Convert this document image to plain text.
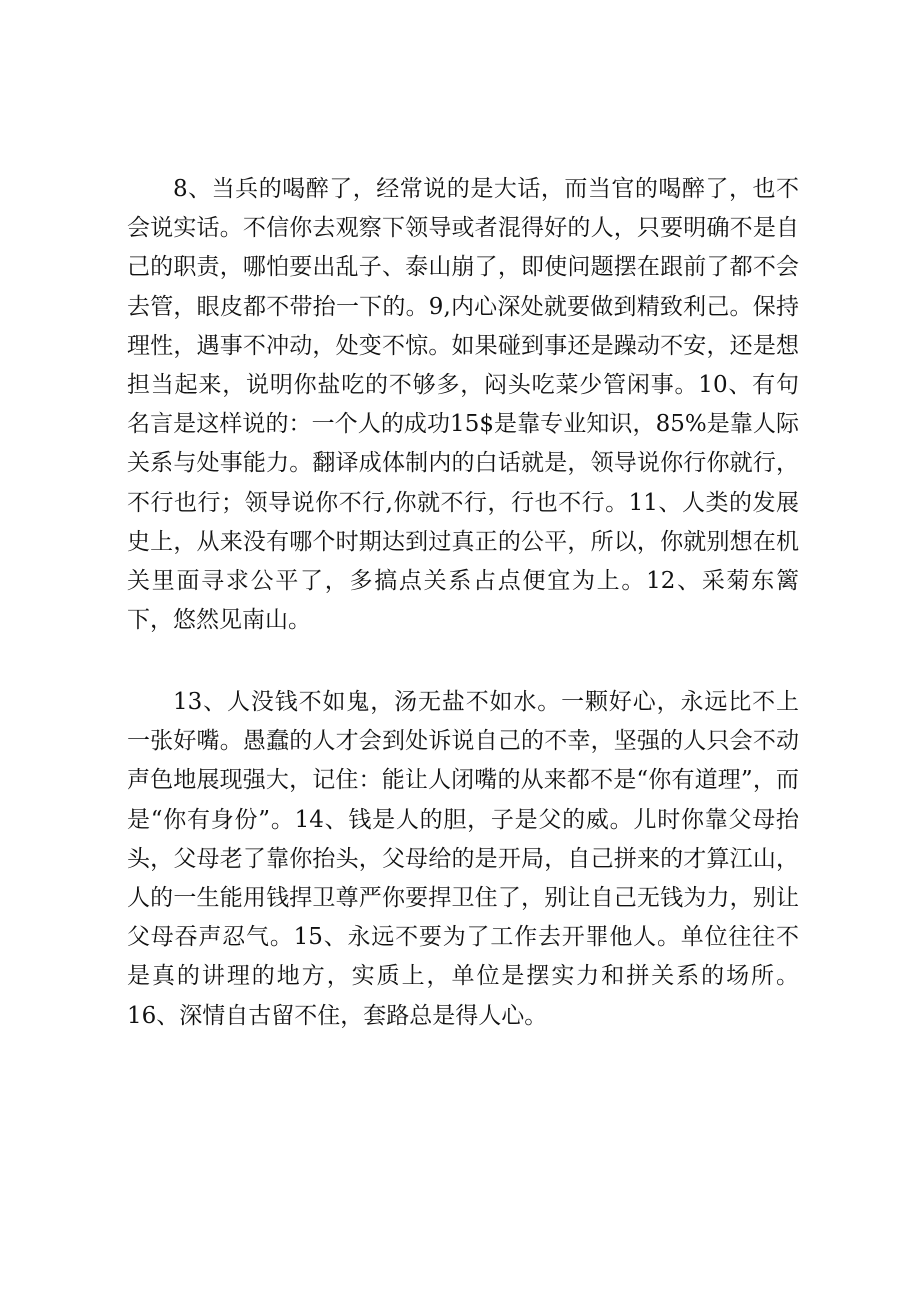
8、当兵的喝醉了，经常说的是大话，而当官的喝醉了，也不会说实话。不信你去观察下领导或者混得好的人，只要明确不是自己的职责，哪怕要出乱子、泰山崩了，即使问题摆在跟前了都不会去管，眼皮都不带抬一下的。9,内心深处就要做到精致利己。保持理性，遇事不冲动，处变不惊。如果碰到事还是躁动不安，还是想担当起来，说明你盐吃的不够多，闷头吃菜少管闲事。10、有句名言是这样说的：一个人的成功15$是靠专业知识，85%是靠人际关系与处事能力。翻译成体制内的白话就是，领导说你行你就行，不行也行；领导说你不行,你就不行，行也不行。11、人类的发展史上，从来没有哪个时期达到过真正的公平，所以，你就别想在机关里面寻求公平了，多搞点关系占点便宜为上。12、采菊东篱下，悠然见南山。

13、人没钱不如鬼，汤无盐不如水。一颗好心，永远比不上一张好嘴。愚蠢的人才会到处诉说自己的不幸，坚强的人只会不动声色地展现强大，记住：能让人闭嘴的从来都不是“你有道理”，而是“你有身份”。14、钱是人的胆，子是父的威。儿时你靠父母抬头，父母老了靠你抬头，父母给的是开局，自己拼来的才算江山，人的一生能用钱捍卫尊严你要捍卫住了，别让自己无钱为力，别让父母吞声忍气。15、永远不要为了工作去开罪他人。单位往往不是真的讲理的地方，实质上，单位是摆实力和拼关系的场所。16、深情自古留不住，套路总是得人心。
